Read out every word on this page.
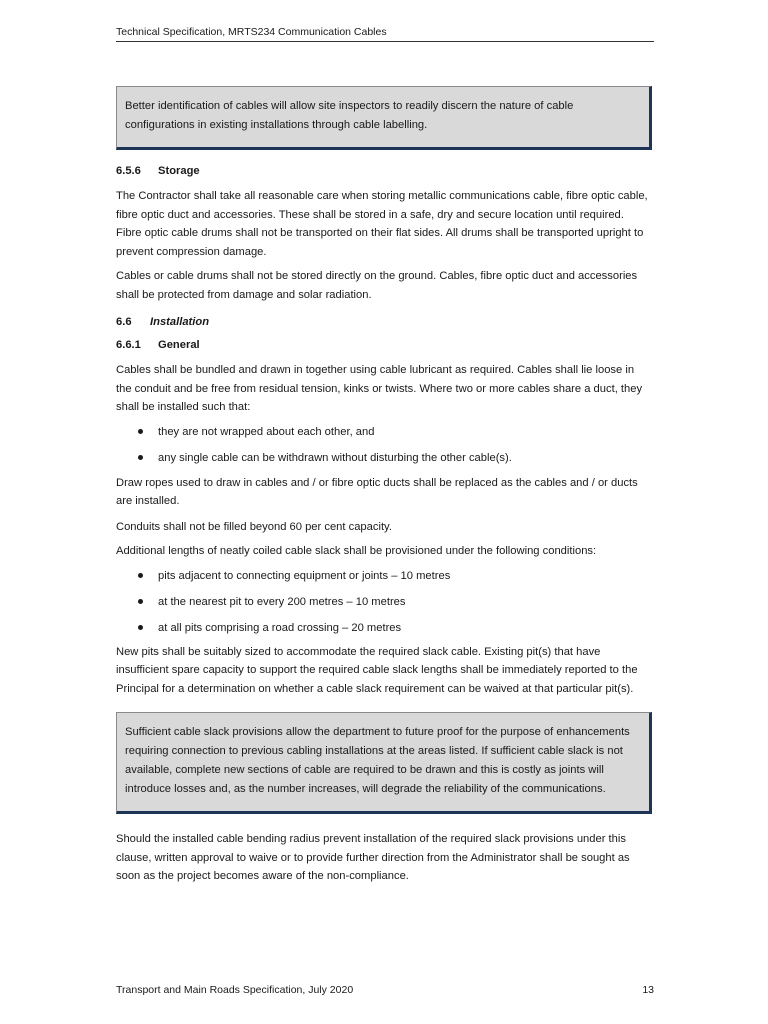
Technical Specification, MRTS234 Communication Cables
Better identification of cables will allow site inspectors to readily discern the nature of cable configurations in existing installations through cable labelling.
6.5.6	Storage
The Contractor shall take all reasonable care when storing metallic communications cable, fibre optic cable, fibre optic duct and accessories. These shall be stored in a safe, dry and secure location until required. Fibre optic cable drums shall not be transported on their flat sides. All drums shall be transported upright to prevent compression damage.
Cables or cable drums shall not be stored directly on the ground. Cables, fibre optic duct and accessories shall be protected from damage and solar radiation.
6.6	Installation
6.6.1	General
Cables shall be bundled and drawn in together using cable lubricant as required. Cables shall lie loose in the conduit and be free from residual tension, kinks or twists. Where two or more cables share a duct, they shall be installed such that:
they are not wrapped about each other, and
any single cable can be withdrawn without disturbing the other cable(s).
Draw ropes used to draw in cables and / or fibre optic ducts shall be replaced as the cables and / or ducts are installed.
Conduits shall not be filled beyond 60 per cent capacity.
Additional lengths of neatly coiled cable slack shall be provisioned under the following conditions:
pits adjacent to connecting equipment or joints – 10 metres
at the nearest pit to every 200 metres – 10 metres
at all pits comprising a road crossing – 20 metres
New pits shall be suitably sized to accommodate the required slack cable. Existing pit(s) that have insufficient spare capacity to support the required cable slack lengths shall be immediately reported to the Principal for a determination on whether a cable slack requirement can be waived at that particular pit(s).
Sufficient cable slack provisions allow the department to future proof for the purpose of enhancements requiring connection to previous cabling installations at the areas listed. If sufficient cable slack is not available, complete new sections of cable are required to be drawn and this is costly as joints will introduce losses and, as the number increases, will degrade the reliability of the communications.
Should the installed cable bending radius prevent installation of the required slack provisions under this clause, written approval to waive or to provide further direction from the Administrator shall be sought as soon as the project becomes aware of the non-compliance.
Transport and Main Roads Specification, July 2020	13
